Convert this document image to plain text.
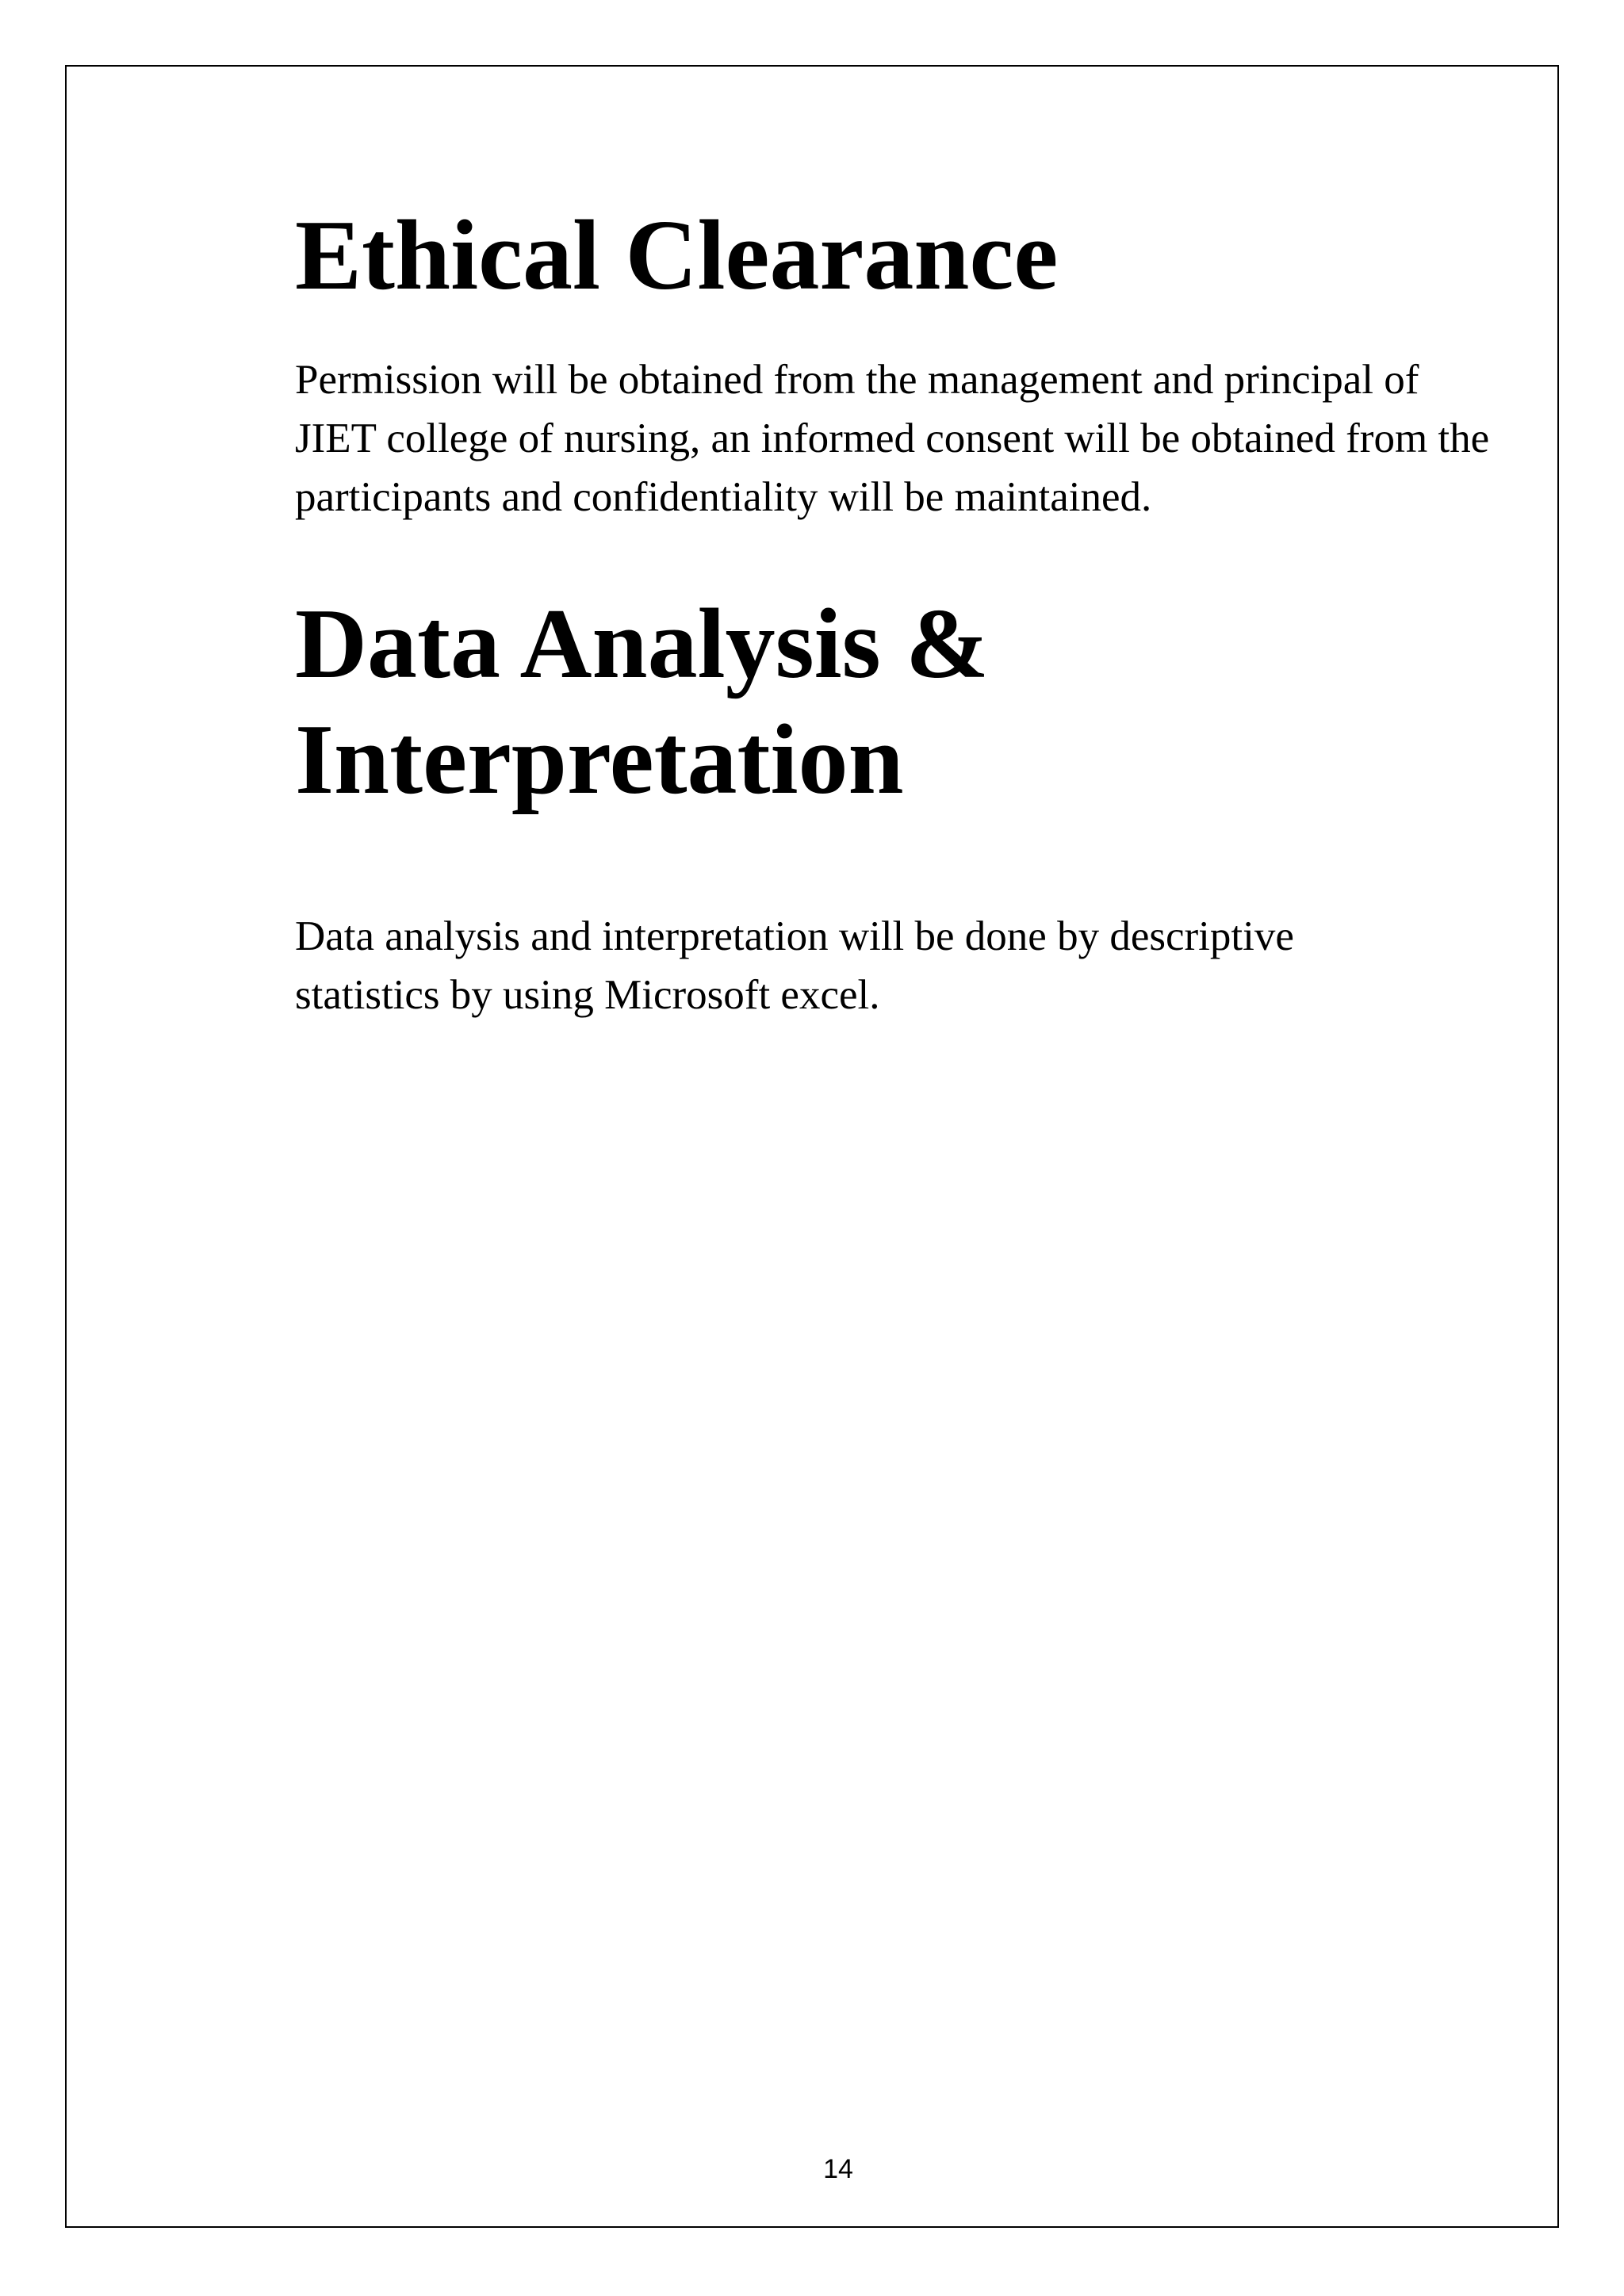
Ethical Clearance

Permission will be obtained from the management and principal of JIET college of nursing, an informed consent will be obtained from the participants and confidentiality will be maintained.

Data Analysis &
Interpretation

Data analysis and interpretation will be done by descriptive statistics by using Microsoft excel.

14
